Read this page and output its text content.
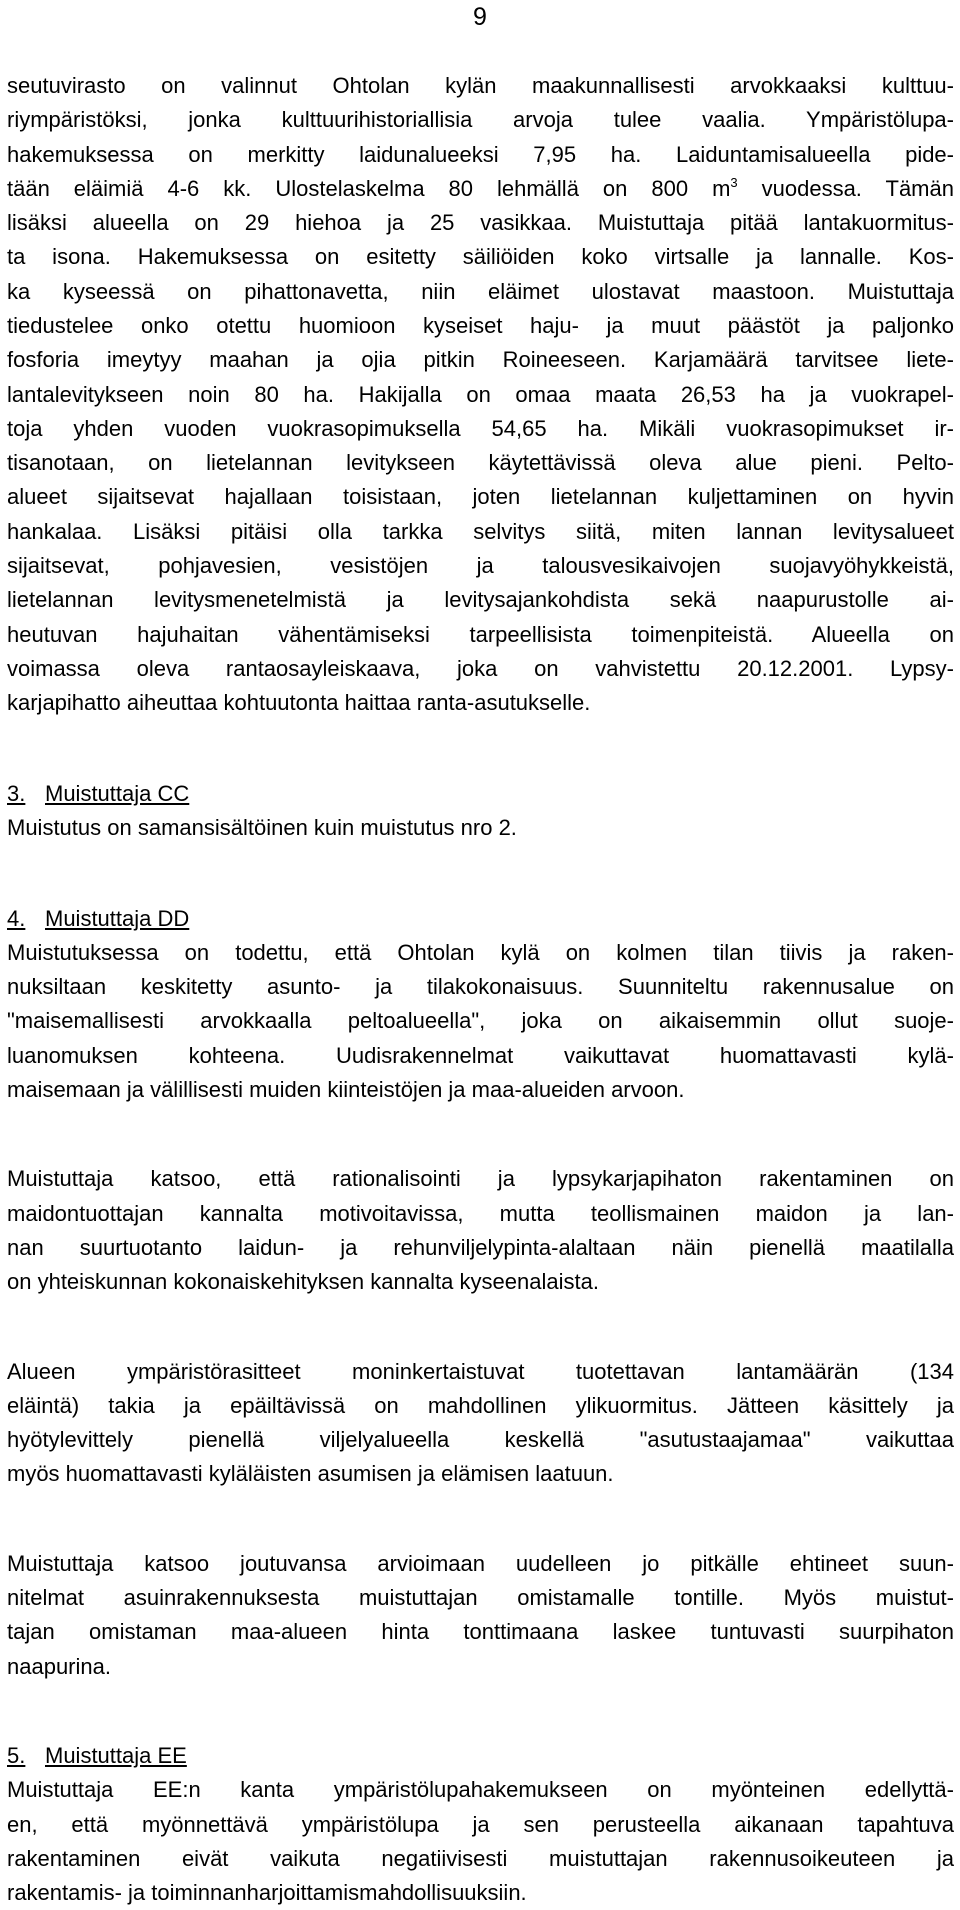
9
seutuvirasto on valinnut Ohtolan kylän maakunnallisesti arvokkaaksi kulttuu-
riympäristöksi, jonka kulttuurihistoriallisia arvoja tulee vaalia. Ympäristölupa-
hakemuksessa on merkitty laidunalueeksi 7,95 ha. Laiduntamisalueella pide-
tään eläimiä 4-6 kk. Ulostelaskelma 80 lehmällä on 800 $m^3$ vuodessa. Tämän
lisäksi alueella on 29 hiehoa ja 25 vasikkaa. Muistuttaja pitää lantakuormitus-
ta isona. Hakemuksessa on esitetty säiliöiden koko virtsalle ja lannalle. Kos-
ka kyseessä on pihattonavetta, niin eläimet ulostavat maastoon. Muistuttaja
tiedustelee onko otettu huomioon kyseiset haju- ja muut päästöt ja paljonko
fosforia imeytyy maahan ja ojia pitkin Roineeseen. Karjamäärä tarvitsee liete-
lantalevitykseen noin 80 ha. Hakijalla on omaa maata 26,53 ha ja vuokrapel-
toja yhden vuoden vuokrasopimuksella 54,65 ha. Mikäli vuokrasopimukset ir-
tisanotaan, on lietelannan levitykseen käytettävissä oleva alue pieni. Pelto-
alueet sijaitsevat hajallaan toisistaan, joten lietelannan kuljettaminen on hyvin
hankalaa. Lisäksi pitäisi olla tarkka selvitys siitä, miten lannan levitysalueet
sijaitsevat, pohjavesien, vesistöjen ja talousvesikaivojen suojavyöhykkeistä,
lietelannan levitysmenetelmistä ja levitysajankohdista sekä naapurustolle ai-
heutuvan hajuhaitan vähentämiseksi tarpeellisista toimenpiteistä. Alueella on
voimassa oleva rantaosayleiskaava, joka on vahvistettu 20.12.2001. Lypsy-
karjapihatto aiheuttaa kohtuutonta haittaa ranta-asutukselle.
3. Muistuttaja CC
Muistutus on samansisältöinen kuin muistutus nro 2.
4. Muistuttaja DD
Muistutuksessa on todettu, että Ohtolan kylä on kolmen tilan tiivis ja raken-
nuksiltaan keskitetty asunto- ja tilakokonaisuus. Suunniteltu rakennusalue on
"maisemallisesti arvokkaalla peltoalueella", joka on aikaisemmin ollut suoje-
luanomuksen kohteena. Uudisrakennelmat vaikuttavat huomattavasti kylä-
maisemaan ja välillisesti muiden kiinteistöjen ja maa-alueiden arvoon.
Muistuttaja katsoo, että rationalisointi ja lypsykarjapihaton rakentaminen on
maidontuottajan kannalta motivoitavissa, mutta teollismainen maidon ja lan-
nan suurtuotanto laidun- ja rehunviljelypinta-alaltaan näin pienellä maatilalla
on yhteiskunnan kokonaiskehityksen kannalta kyseenalaista.
Alueen ympäristörasitteet moninkertaistuvat tuotettavan lantamäärän (134
eläintä) takia ja epäiltävissä on mahdollinen ylikuormitus. Jätteen käsittely ja
hyötylevittely pienellä viljelyalueella keskellä "asutustaajamaa" vaikuttaa
myös huomattavasti kyläläisten asumisen ja elämisen laatuun.
Muistuttaja katsoo joutuvansa arvioimaan uudelleen jo pitkälle ehtineet suun-
nitelmat asuinrakennuksesta muistuttajan omistamalle tontille. Myös muistut-
tajan omistaman maa-alueen hinta tonttimaana laskee tuntuvasti suurpihaton
naapurina.
5. Muistuttaja EE
Muistuttaja EE:n kanta ympäristölupahakemukseen on myönteinen edellyttä-
en, että myönnettävä ympäristölupa ja sen perusteella aikanaan tapahtuva
rakentaminen eivät vaikuta negatiivisesti muistuttajan rakennusoikeuteen ja
rakentamis- ja toiminnanharjoittamismahdollisuuksiin.
